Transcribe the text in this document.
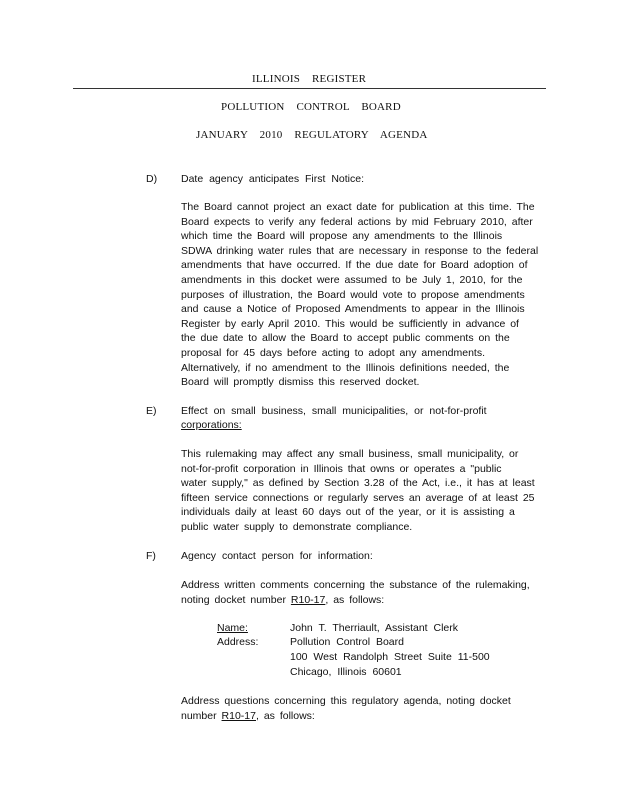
ILLINOIS REGISTER
POLLUTION CONTROL BOARD
JANUARY 2010 REGULATORY AGENDA
D) Date agency anticipates First Notice:
The Board cannot project an exact date for publication at this time. The
Board expects to verify any federal actions by mid February 2010, after
which time the Board will propose any amendments to the Illinois
SDWA drinking water rules that are necessary in response to the federal
amendments that have occurred. If the due date for Board adoption of
amendments in this docket were assumed to be July 1, 2010, for the
purposes of illustration, the Board would vote to propose amendments
and cause a Notice of Proposed Amendments to appear in the Illinois
Register by early April 2010. This would be sufficiently in advance of
the due date to allow the Board to accept public comments on the
proposal for 45 days before acting to adopt any amendments.
Alternatively, if no amendment to the Illinois definitions needed, the
Board will promptly dismiss this reserved docket.
E) Effect on small business, small municipalities, or not-for-profit
corporations:
This rulemaking may affect any small business, small municipality, or
not-for-profit corporation in Illinois that owns or operates a "public
water supply," as defined by Section 3.28 of the Act, i.e., it has at least
fifteen service connections or regularly serves an average of at least 25
individuals daily at least 60 days out of the year, or it is assisting a
public water supply to demonstrate compliance.
F) Agency contact person for information:
Address written comments concerning the substance of the rulemaking,
noting docket number R10-17, as follows:
Name:	John T. Therriault, Assistant Clerk
Address:	Pollution Control Board
100 West Randolph Street Suite 11-500
Chicago, Illinois 60601
Address questions concerning this regulatory agenda, noting docket
number R10-17, as follows:
